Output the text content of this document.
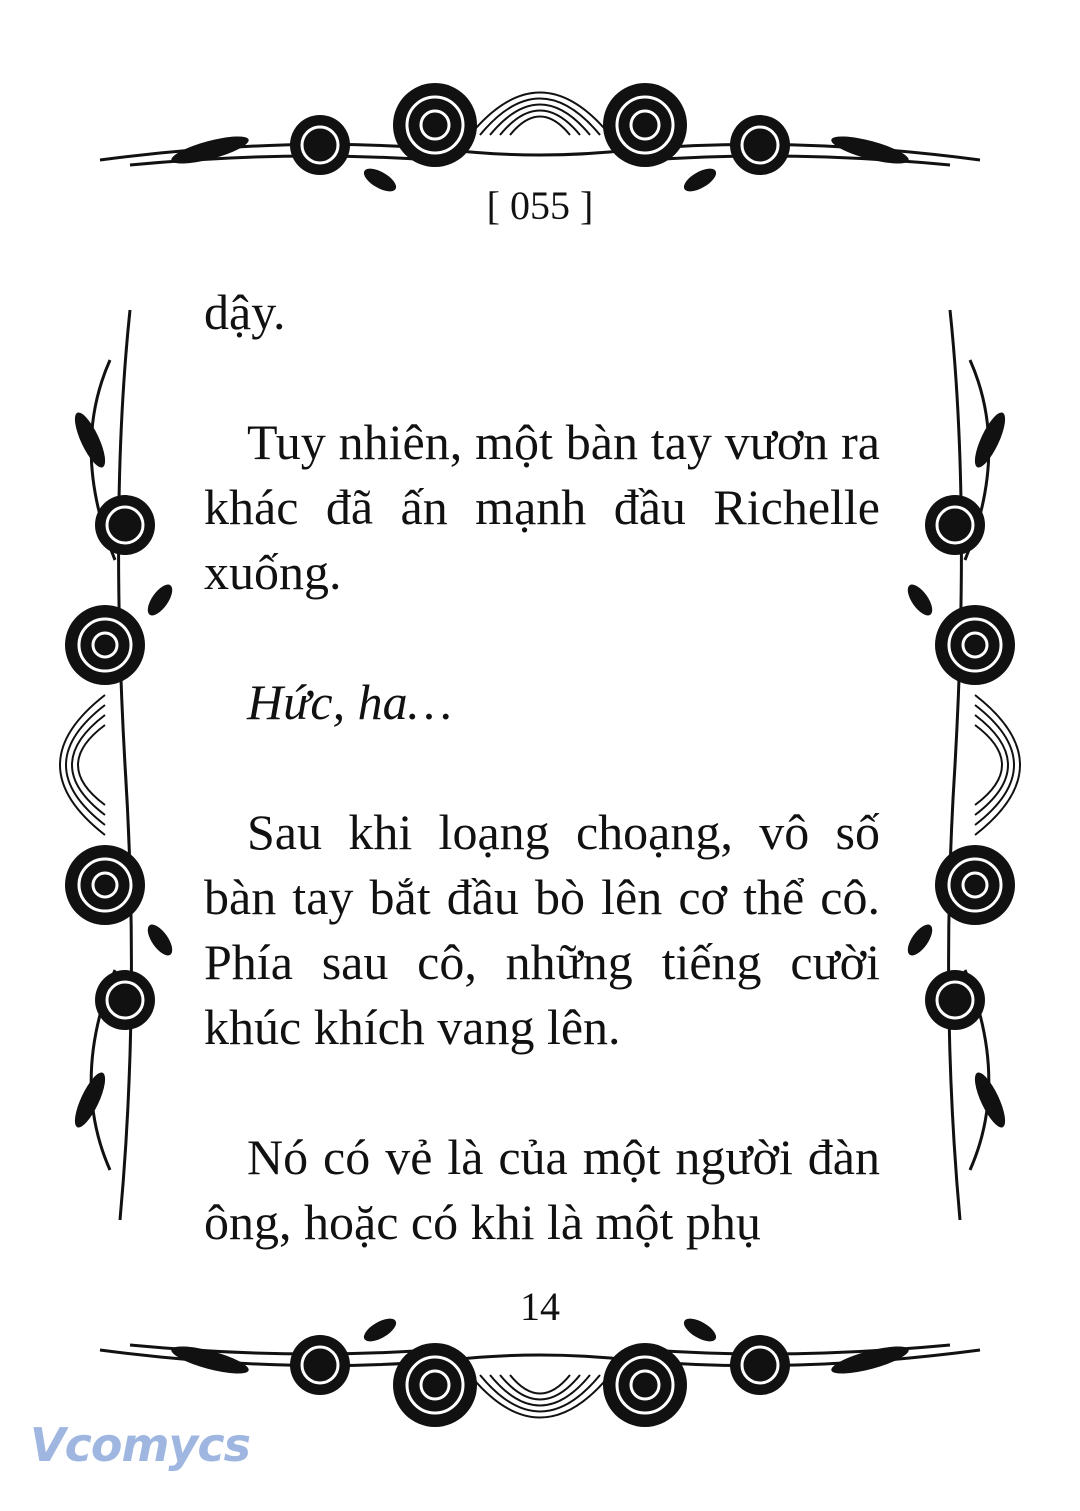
[ 055 ]

dậy.

Tuy nhiên, một bàn tay vươn ra khác đã ấn mạnh đầu Richelle xuống.

Hức, ha…

Sau khi loạng choạng, vô số bàn tay bắt đầu bò lên cơ thể cô. Phía sau cô, những tiếng cười khúc khích vang lên.

Nó có vẻ là của một người đàn ông, hoặc có khi là một phụ

14
Vcomycs
